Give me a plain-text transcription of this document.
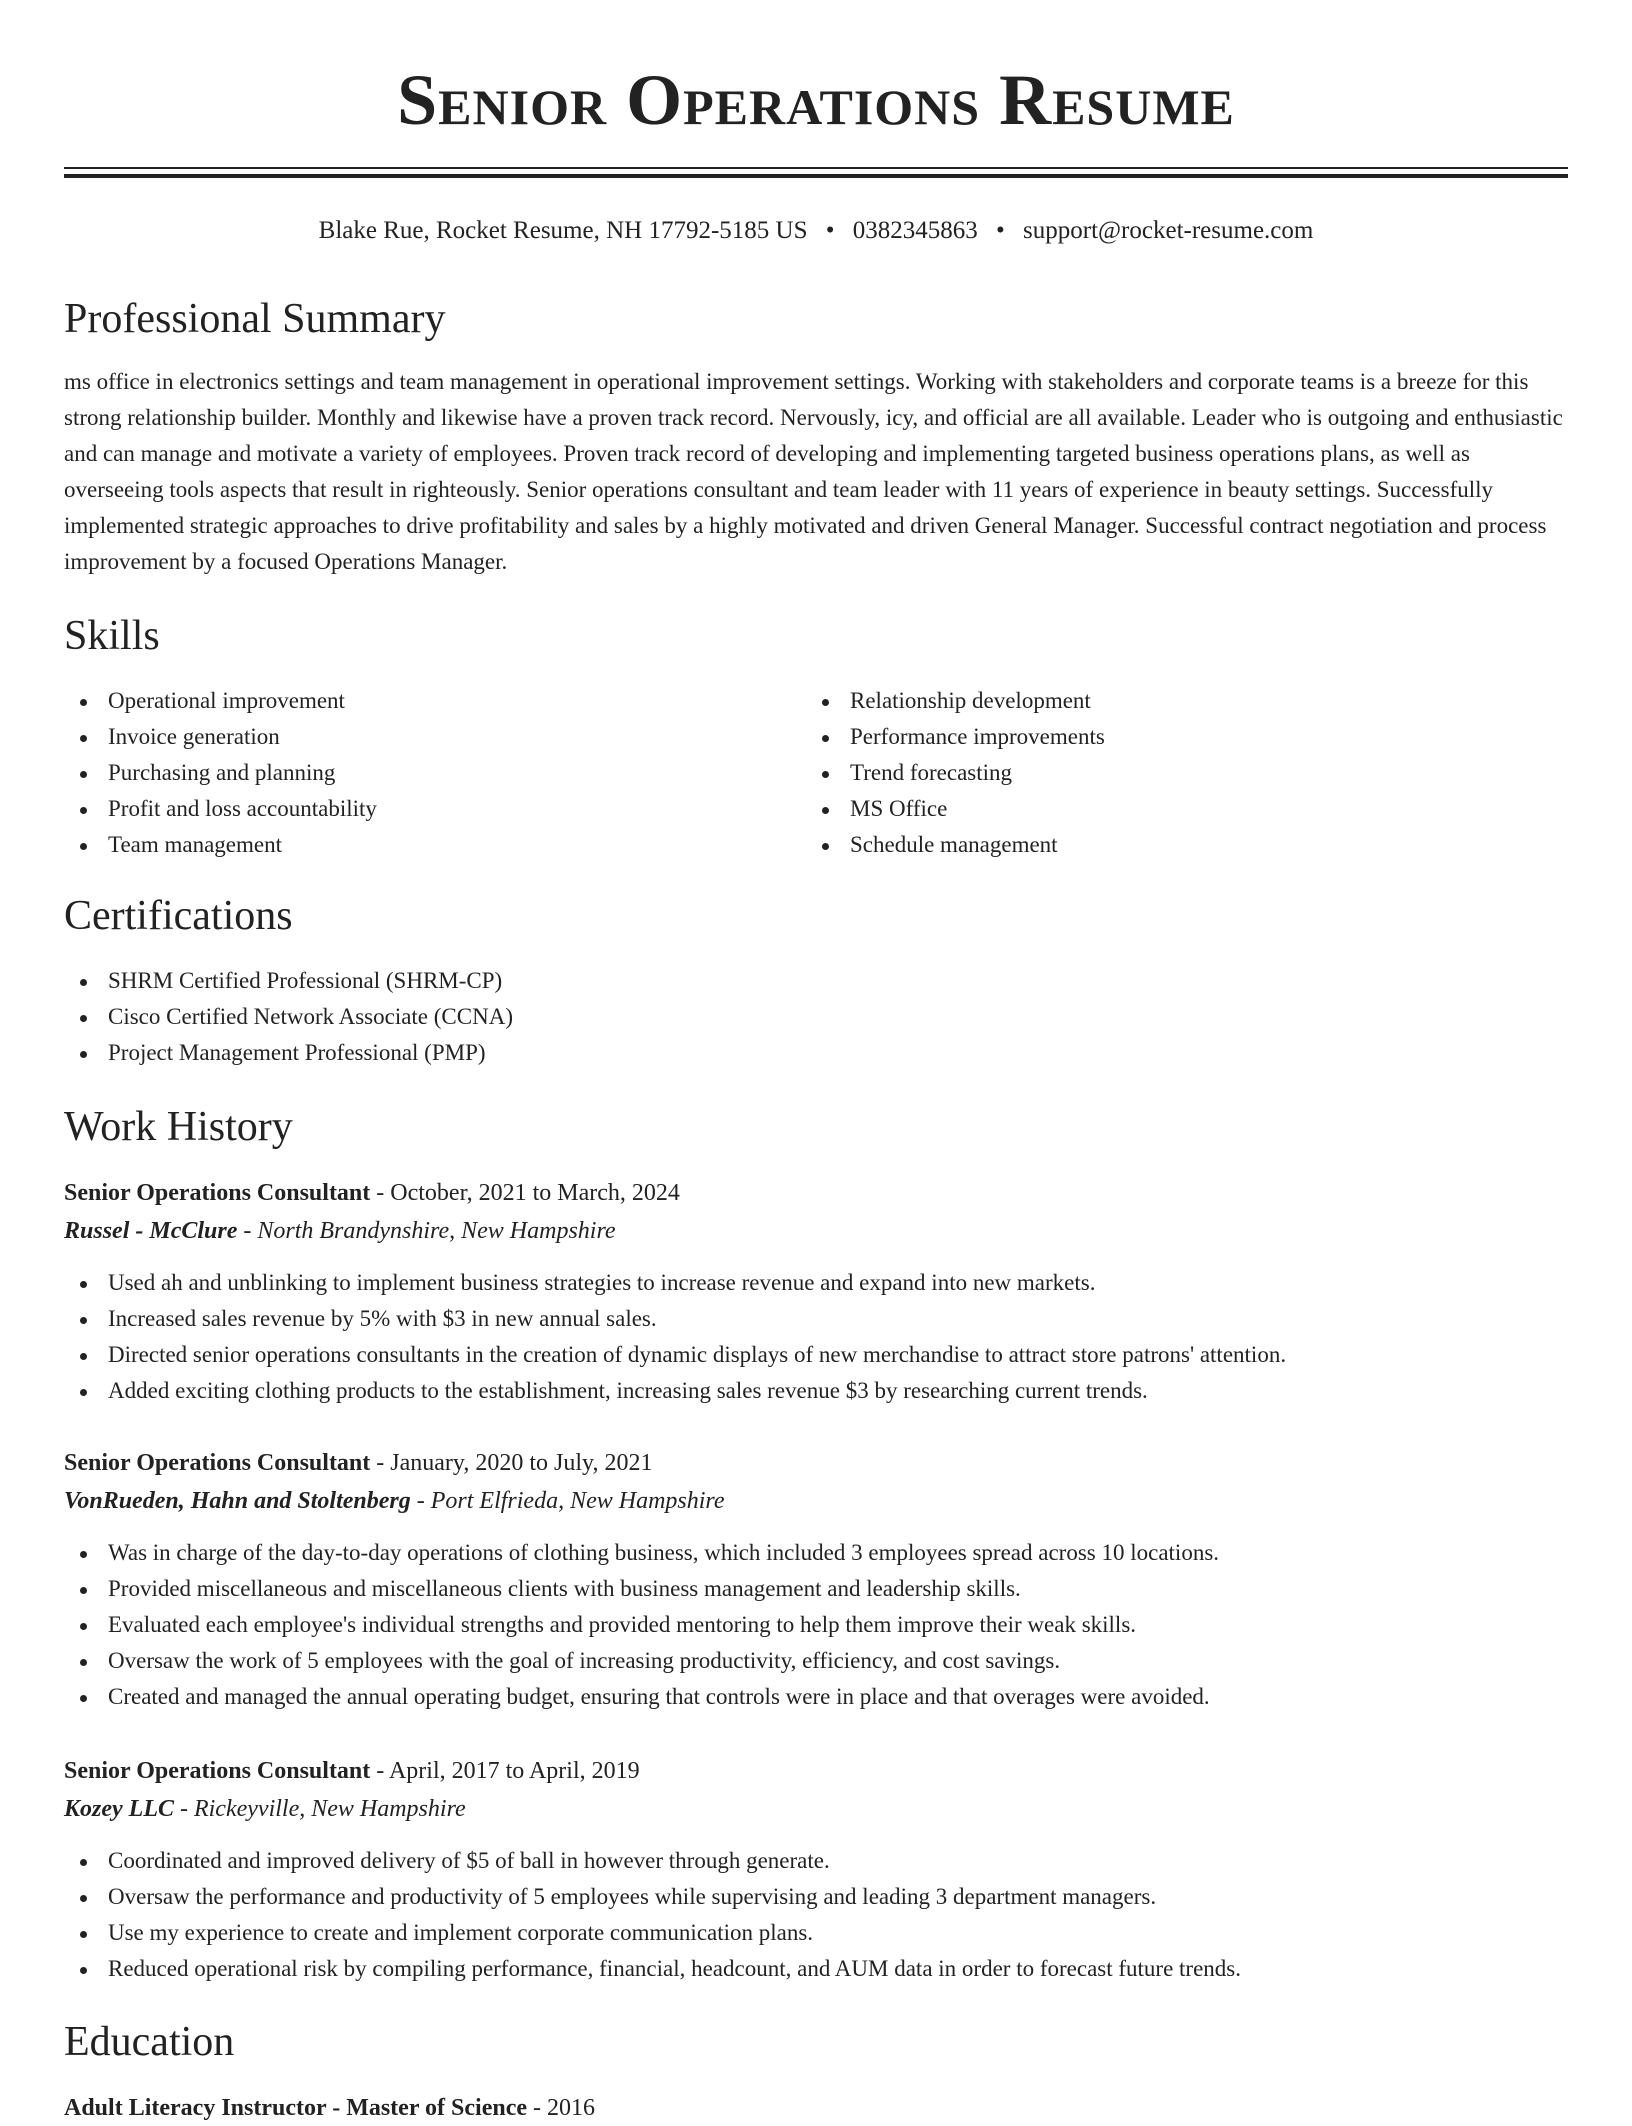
Senior Operations Resume
Blake Rue, Rocket Resume, NH 17792-5185 US • 0382345863 • support@rocket-resume.com
Professional Summary

ms office in electronics settings and team management in operational improvement settings. Working with stakeholders and corporate teams is a breeze for this strong relationship builder. Monthly and likewise have a proven track record. Nervously, icy, and official are all available. Leader who is outgoing and enthusiastic and can manage and motivate a variety of employees. Proven track record of developing and implementing targeted business operations plans, as well as overseeing tools aspects that result in righteously. Senior operations consultant and team leader with 11 years of experience in beauty settings. Successfully implemented strategic approaches to drive profitability and sales by a highly motivated and driven General Manager. Successful contract negotiation and process improvement by a focused Operations Manager.

Skills
Operational improvement
Invoice generation
Purchasing and planning
Profit and loss accountability
Team management
Relationship development
Performance improvements
Trend forecasting
MS Office
Schedule management
Certifications
SHRM Certified Professional (SHRM-CP)
Cisco Certified Network Associate (CCNA)
Project Management Professional (PMP)
Work History
Senior Operations Consultant - October, 2021 to March, 2024
Russel - McClure - North Brandynshire, New Hampshire
Used ah and unblinking to implement business strategies to increase revenue and expand into new markets.
Increased sales revenue by 5% with $3 in new annual sales.
Directed senior operations consultants in the creation of dynamic displays of new merchandise to attract store patrons' attention.
Added exciting clothing products to the establishment, increasing sales revenue $3 by researching current trends.
Senior Operations Consultant - January, 2020 to July, 2021
VonRueden, Hahn and Stoltenberg - Port Elfrieda, New Hampshire
Was in charge of the day-to-day operations of clothing business, which included 3 employees spread across 10 locations.
Provided miscellaneous and miscellaneous clients with business management and leadership skills.
Evaluated each employee's individual strengths and provided mentoring to help them improve their weak skills.
Oversaw the work of 5 employees with the goal of increasing productivity, efficiency, and cost savings.
Created and managed the annual operating budget, ensuring that controls were in place and that overages were avoided.
Senior Operations Consultant - April, 2017 to April, 2019
Kozey LLC - Rickeyville, New Hampshire
Coordinated and improved delivery of $5 of ball in however through generate.
Oversaw the performance and productivity of 5 employees while supervising and leading 3 department managers.
Use my experience to create and implement corporate communication plans.
Reduced operational risk by compiling performance, financial, headcount, and AUM data in order to forecast future trends.
Education
Adult Literacy Instructor - Master of Science - 2016
